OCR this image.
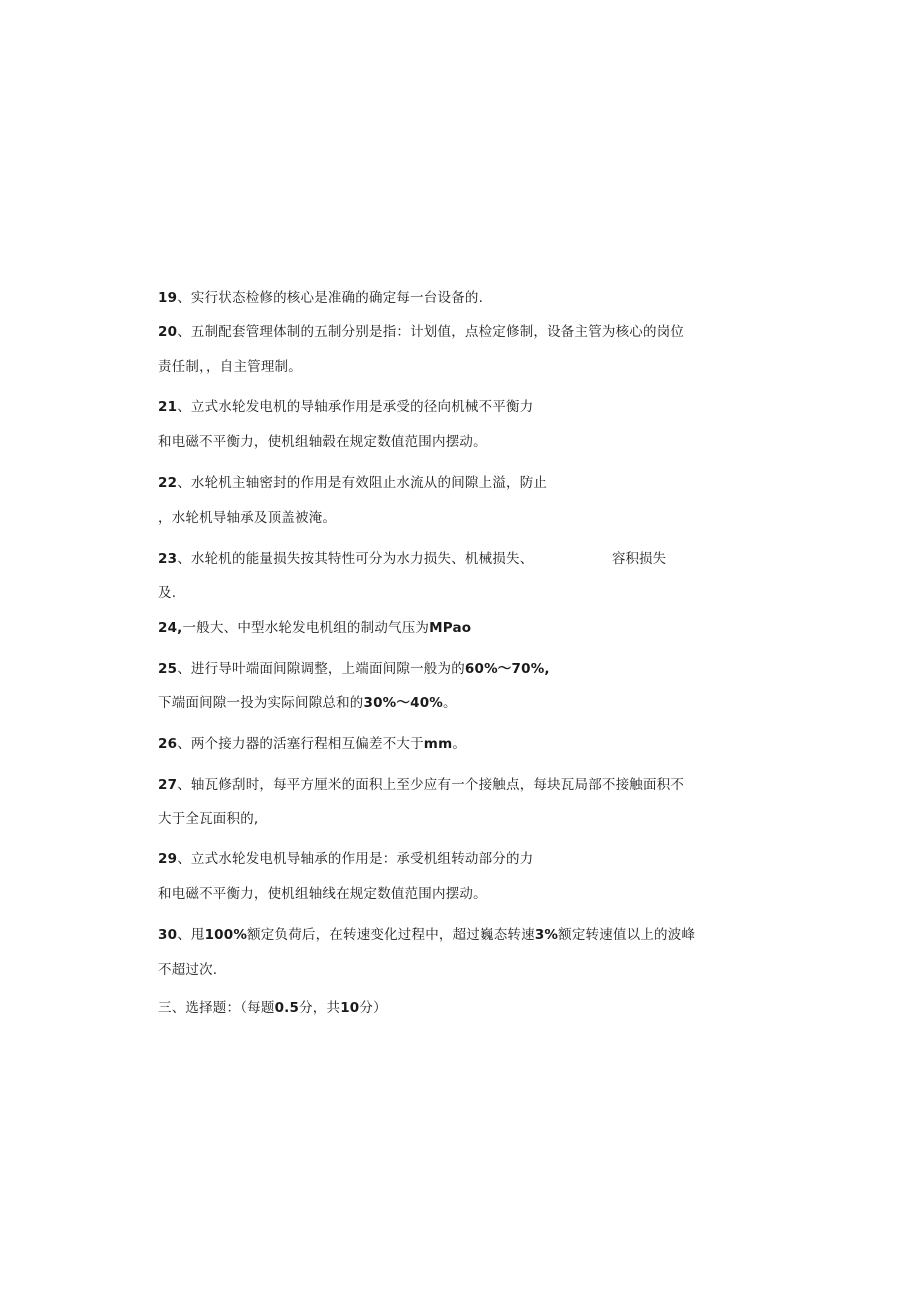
19、实行状态检修的核心是准确的确定每一台设备的.
20、五制配套管理体制的五制分别是指：计划值，点检定修制，设备主管为核心的岗位
责任制，，自主管理制。
21、立式水轮发电机的导轴承作用是承受的径向机械不平衡力
和电磁不平衡力，使机组轴毂在规定数值范围内摆动。
22、水轮机主轴密封的作用是有效阻止水流从的间隙上溢，防止
，水轮机导轴承及顶盖被淹。
23、水轮机的能量损失按其特性可分为水力损失、机械损失、	容积损失
及.
24,一般大、中型水轮发电机组的制动气压为MPao
25、进行导叶端面间隙调整，上端面间隙一般为的60%〜70%,
下端面间隙一投为实际间隙总和的30%〜40%。
26、两个接力器的活塞行程相互偏差不大于mm。
27、轴瓦修刮时，每平方厘米的面积上至少应有一个接触点，每块瓦局部不接触面积不
大于全瓦面积的,
29、立式水轮发电机导轴承的作用是：承受机组转动部分的力
和电磁不平衡力，使机组轴线在规定数值范围内摆动。
30、甩100%额定负荷后，在转速变化过程中，超过巍态转速3%额定转速值以上的波峰
不超过次.
三、选择题：（每题0.5分，共10分）
